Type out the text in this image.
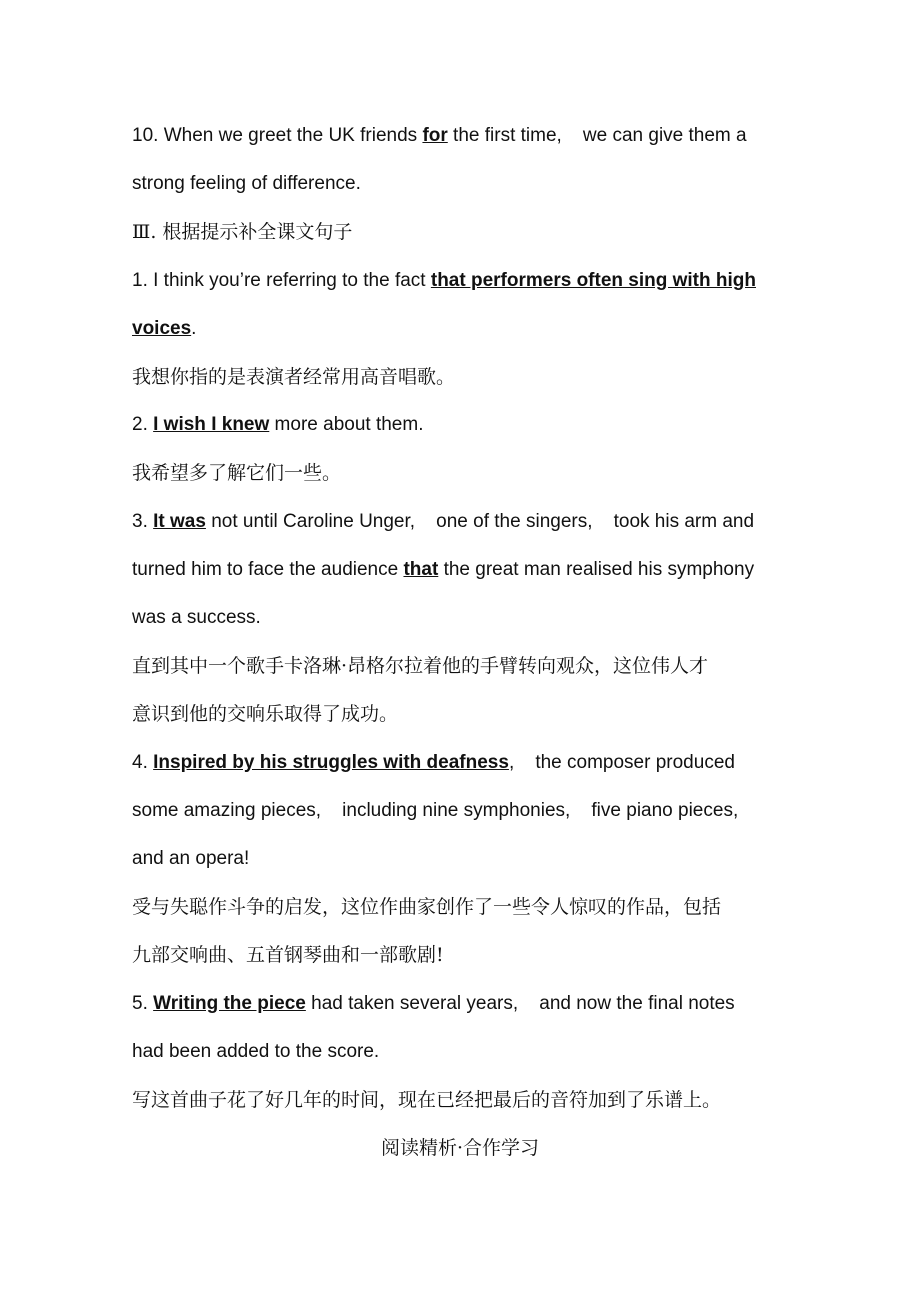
10. When we greet the UK friends for the first time,    we can give them a
strong feeling of difference.
Ⅲ. 根据提示补全课文句子
1. I think you’re referring to the fact that performers often sing with high
voices.
我想你指的是表演者经常用高音唱歌。
2. I wish I knew more about them.
我希望多了解它们一些。
3. It was not until Caroline Unger,    one of the singers,    took his arm and
turned him to face the audience that the great man realised his symphony
was a success.
直到其中一个歌手卡洛琳·昂格尔拉着他的手臂转向观众，这位伟人才
意识到他的交响乐取得了成功。
4. Inspired by his struggles with deafness,    the composer produced
some amazing pieces,    including nine symphonies,    five piano pieces,
and an opera!
受与失聪作斗争的启发，这位作曲家创作了一些令人惊叹的作品，包括
九部交响曲、五首钢琴曲和一部歌剧!
5. Writing the piece had taken several years,    and now the final notes
had been added to the score.
写这首曲子花了好几年的时间，现在已经把最后的音符加到了乐谱上。
阅读精析·合作学习
